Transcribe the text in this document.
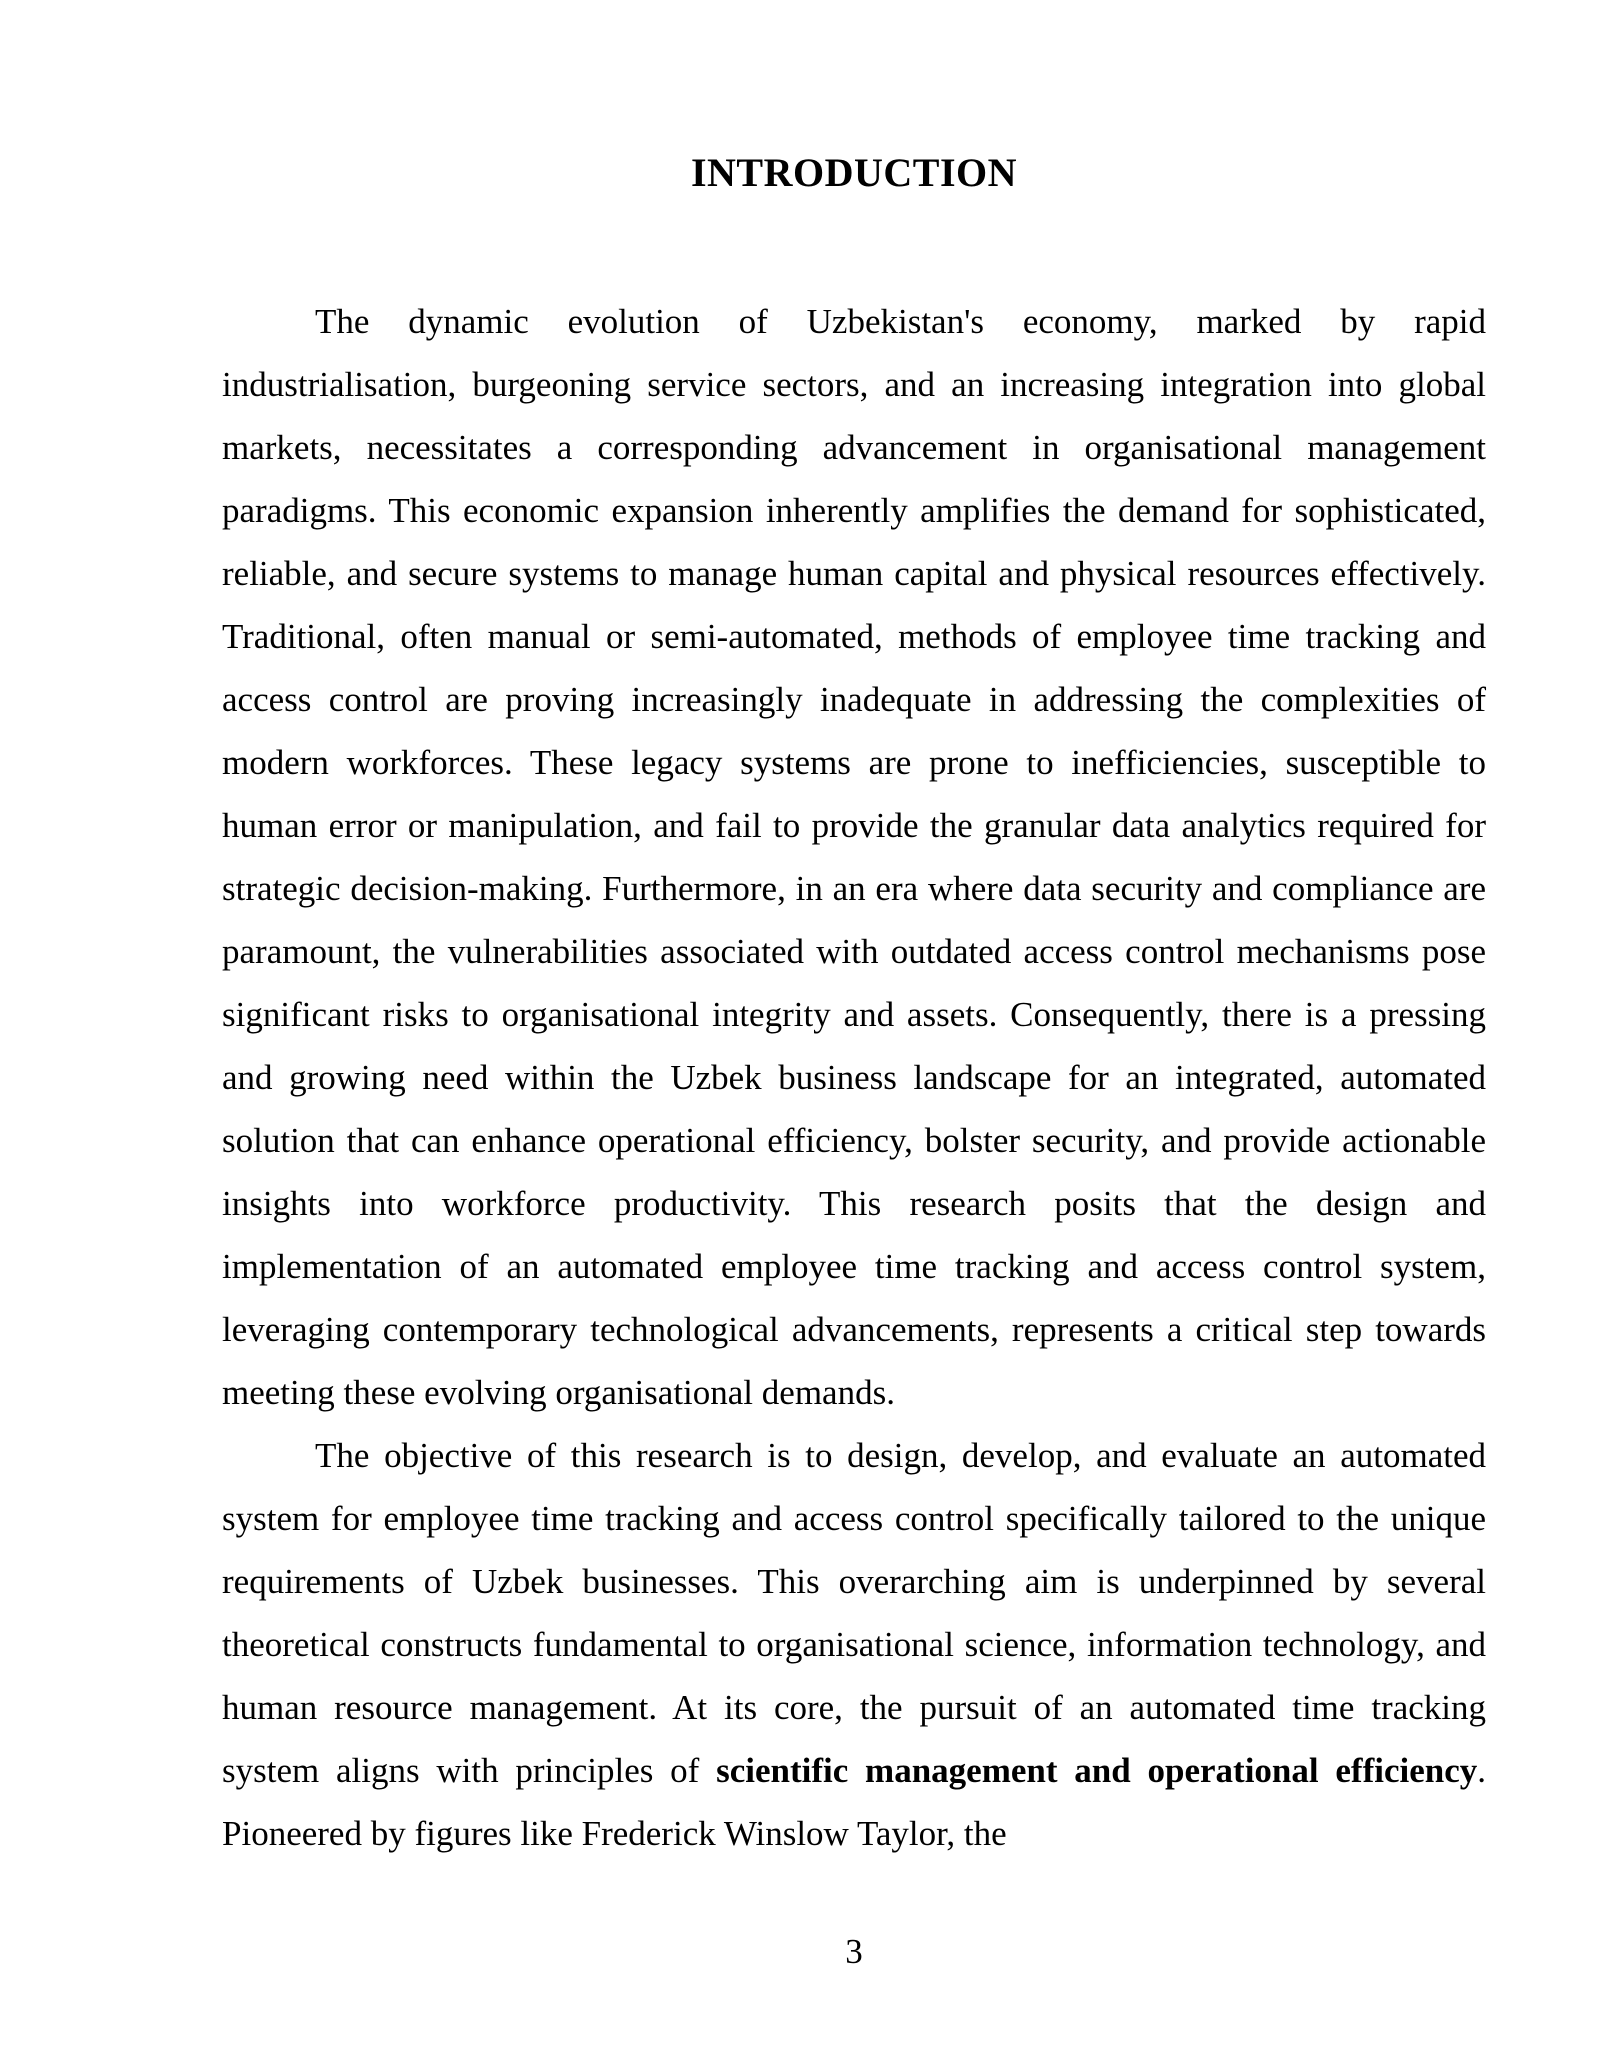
INTRODUCTION

The dynamic evolution of Uzbekistan's economy, marked by rapid industrialisation, burgeoning service sectors, and an increasing integration into global markets, necessitates a corresponding advancement in organisational management paradigms. This economic expansion inherently amplifies the demand for sophisticated, reliable, and secure systems to manage human capital and physical resources effectively. Traditional, often manual or semi-automated, methods of employee time tracking and access control are proving increasingly inadequate in addressing the complexities of modern workforces. These legacy systems are prone to inefficiencies, susceptible to human error or manipulation, and fail to provide the granular data analytics required for strategic decision-making. Furthermore, in an era where data security and compliance are paramount, the vulnerabilities associated with outdated access control mechanisms pose significant risks to organisational integrity and assets. Consequently, there is a pressing and growing need within the Uzbek business landscape for an integrated, automated solution that can enhance operational efficiency, bolster security, and provide actionable insights into workforce productivity. This research posits that the design and implementation of an automated employee time tracking and access control system, leveraging contemporary technological advancements, represents a critical step towards meeting these evolving organisational demands.

The objective of this research is to design, develop, and evaluate an automated system for employee time tracking and access control specifically tailored to the unique requirements of Uzbek businesses. This overarching aim is underpinned by several theoretical constructs fundamental to organisational science, information technology, and human resource management. At its core, the pursuit of an automated time tracking system aligns with principles of scientific management and operational efficiency. Pioneered by figures like Frederick Winslow Taylor, the

3
